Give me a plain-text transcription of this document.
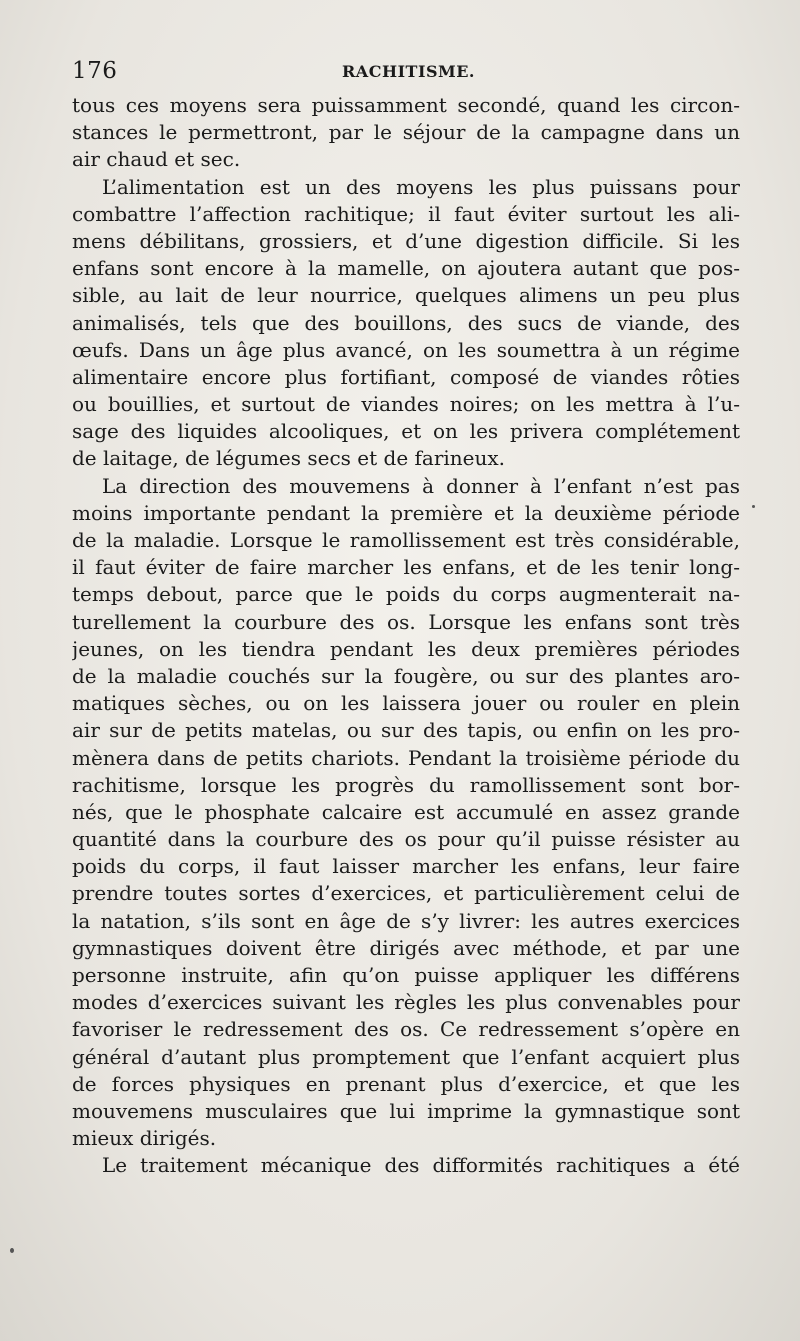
176	RACHITISME.
tous ces moyens sera puissamment secondé, quand les circon-
stances le permettront, par le séjour de la campagne dans un
air chaud et sec.
L’alimentation est un des moyens les plus puissans pour
combattre l’affection rachitique; il faut éviter surtout les ali-
mens débilitans, grossiers, et d’une digestion difficile. Si les
enfans sont encore à la mamelle, on ajoutera autant que pos-
sible, au lait de leur nourrice, quelques alimens un peu plus
animalisés, tels que des bouillons, des sucs de viande, des
œufs. Dans un âge plus avancé, on les soumettra à un régime
alimentaire encore plus fortifiant, composé de viandes rôties
ou bouillies, et surtout de viandes noires; on les mettra à l’u-
sage des liquides alcooliques, et on les privera complétement
de laitage, de légumes secs et de farineux.
La direction des mouvemens à donner à l’enfant n’est pas
moins importante pendant la première et la deuxième période
de la maladie. Lorsque le ramollissement est très considérable,
il faut éviter de faire marcher les enfans, et de les tenir long-
temps debout, parce que le poids du corps augmenterait na-
turellement la courbure des os. Lorsque les enfans sont très
jeunes, on les tiendra pendant les deux premières périodes
de la maladie couchés sur la fougère, ou sur des plantes aro-
matiques sèches, ou on les laissera jouer ou rouler en plein
air sur de petits matelas, ou sur des tapis, ou enfin on les pro-
mènera dans de petits chariots. Pendant la troisième période du
rachitisme, lorsque les progrès du ramollissement sont bor-
nés, que le phosphate calcaire est accumulé en assez grande
quantité dans la courbure des os pour qu’il puisse résister au
poids du corps, il faut laisser marcher les enfans, leur faire
prendre toutes sortes d’exercices, et particulièrement celui de
la natation, s’ils sont en âge de s’y livrer: les autres exercices
gymnastiques doivent être dirigés avec méthode, et par une
personne instruite, afin qu’on puisse appliquer les différens
modes d’exercices suivant les règles les plus convenables pour
favoriser le redressement des os. Ce redressement s’opère en
général d’autant plus promptement que l’enfant acquiert plus
de forces physiques en prenant plus d’exercice, et que les
mouvemens musculaires que lui imprime la gymnastique sont
mieux dirigés.
Le traitement mécanique des difformités rachitiques a été
